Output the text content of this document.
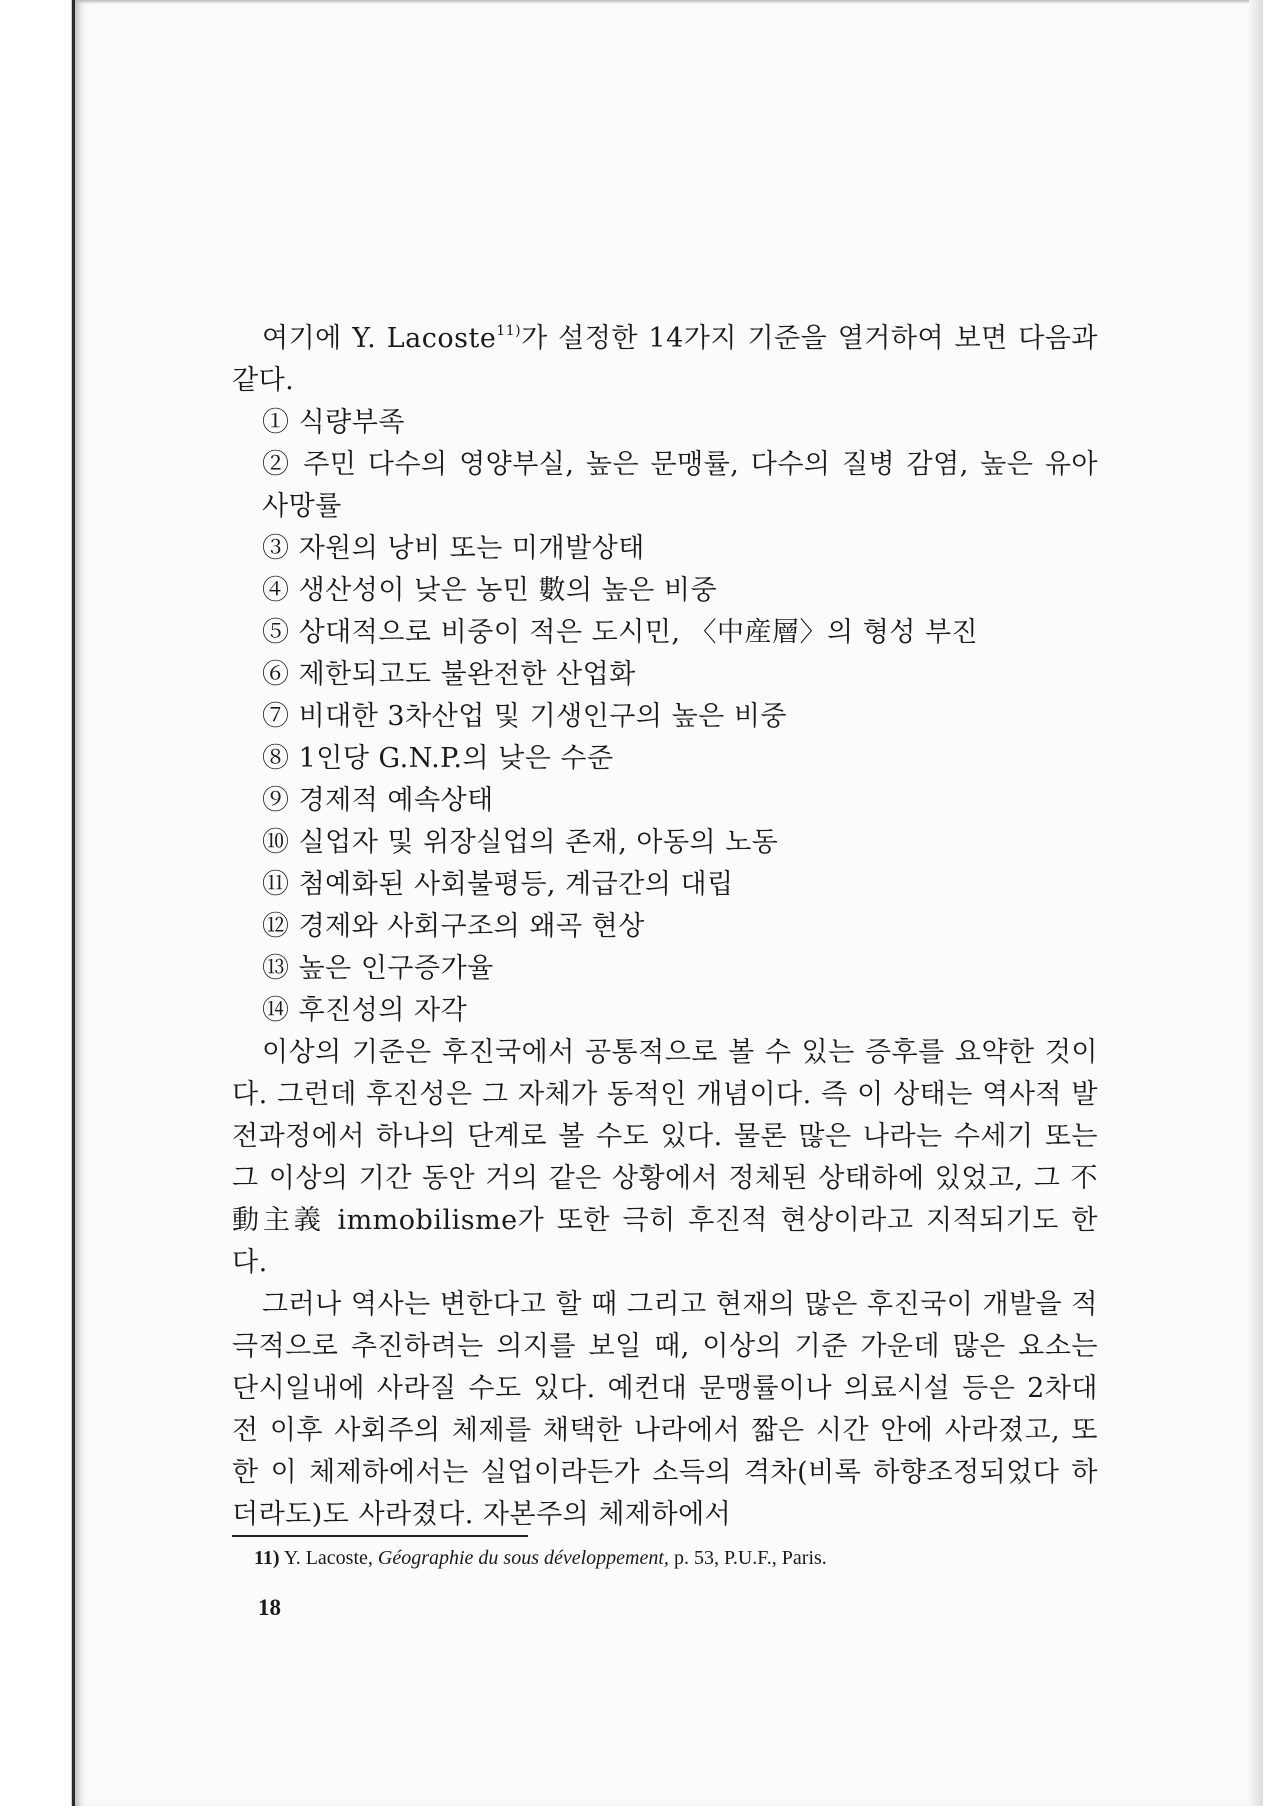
여기에 Y. Lacoste$^{11)}$가 설정한 14가지 기준을 열거하여 보면 다음과 같다.

① 식량부족
② 주민 다수의 영양부실, 높은 문맹률, 다수의 질병 감염, 높은 유아사망률
③ 자원의 낭비 또는 미개발상태
④ 생산성이 낮은 농민 數의 높은 비중
⑤ 상대적으로 비중이 적은 도시민, 〈中産層〉의 형성 부진
⑥ 제한되고도 불완전한 산업화
⑦ 비대한 3차산업 및 기생인구의 높은 비중
⑧ 1인당 G.N.P.의 낮은 수준
⑨ 경제적 예속상태
⑩ 실업자 및 위장실업의 존재, 아동의 노동
⑪ 첨예화된 사회불평등, 계급간의 대립
⑫ 경제와 사회구조의 왜곡 현상
⑬ 높은 인구증가율
⑭ 후진성의 자각

이상의 기준은 후진국에서 공통적으로 볼 수 있는 증후를 요약한 것이다. 그런데 후진성은 그 자체가 동적인 개념이다. 즉 이 상태는 역사적 발전과정에서 하나의 단계로 볼 수도 있다. 물론 많은 나라는 수세기 또는 그 이상의 기간 동안 거의 같은 상황에서 정체된 상태하에 있었고, 그 不動主義 immobilisme가 또한 극히 후진적 현상이라고 지적되기도 한다.

그러나 역사는 변한다고 할 때 그리고 현재의 많은 후진국이 개발을 적극적으로 추진하려는 의지를 보일 때, 이상의 기준 가운데 많은 요소는 단시일내에 사라질 수도 있다. 예컨대 문맹률이나 의료시설 등은 2차대전 이후 사회주의 체제를 채택한 나라에서 짧은 시간 안에 사라졌고, 또한 이 체제하에서는 실업이라든가 소득의 격차(비록 하향조정되었다 하더라도)도 사라졌다. 자본주의 체제하에서

11) Y. Lacoste, Géographie du sous développement, p. 53, P.U.F., Paris.
18
